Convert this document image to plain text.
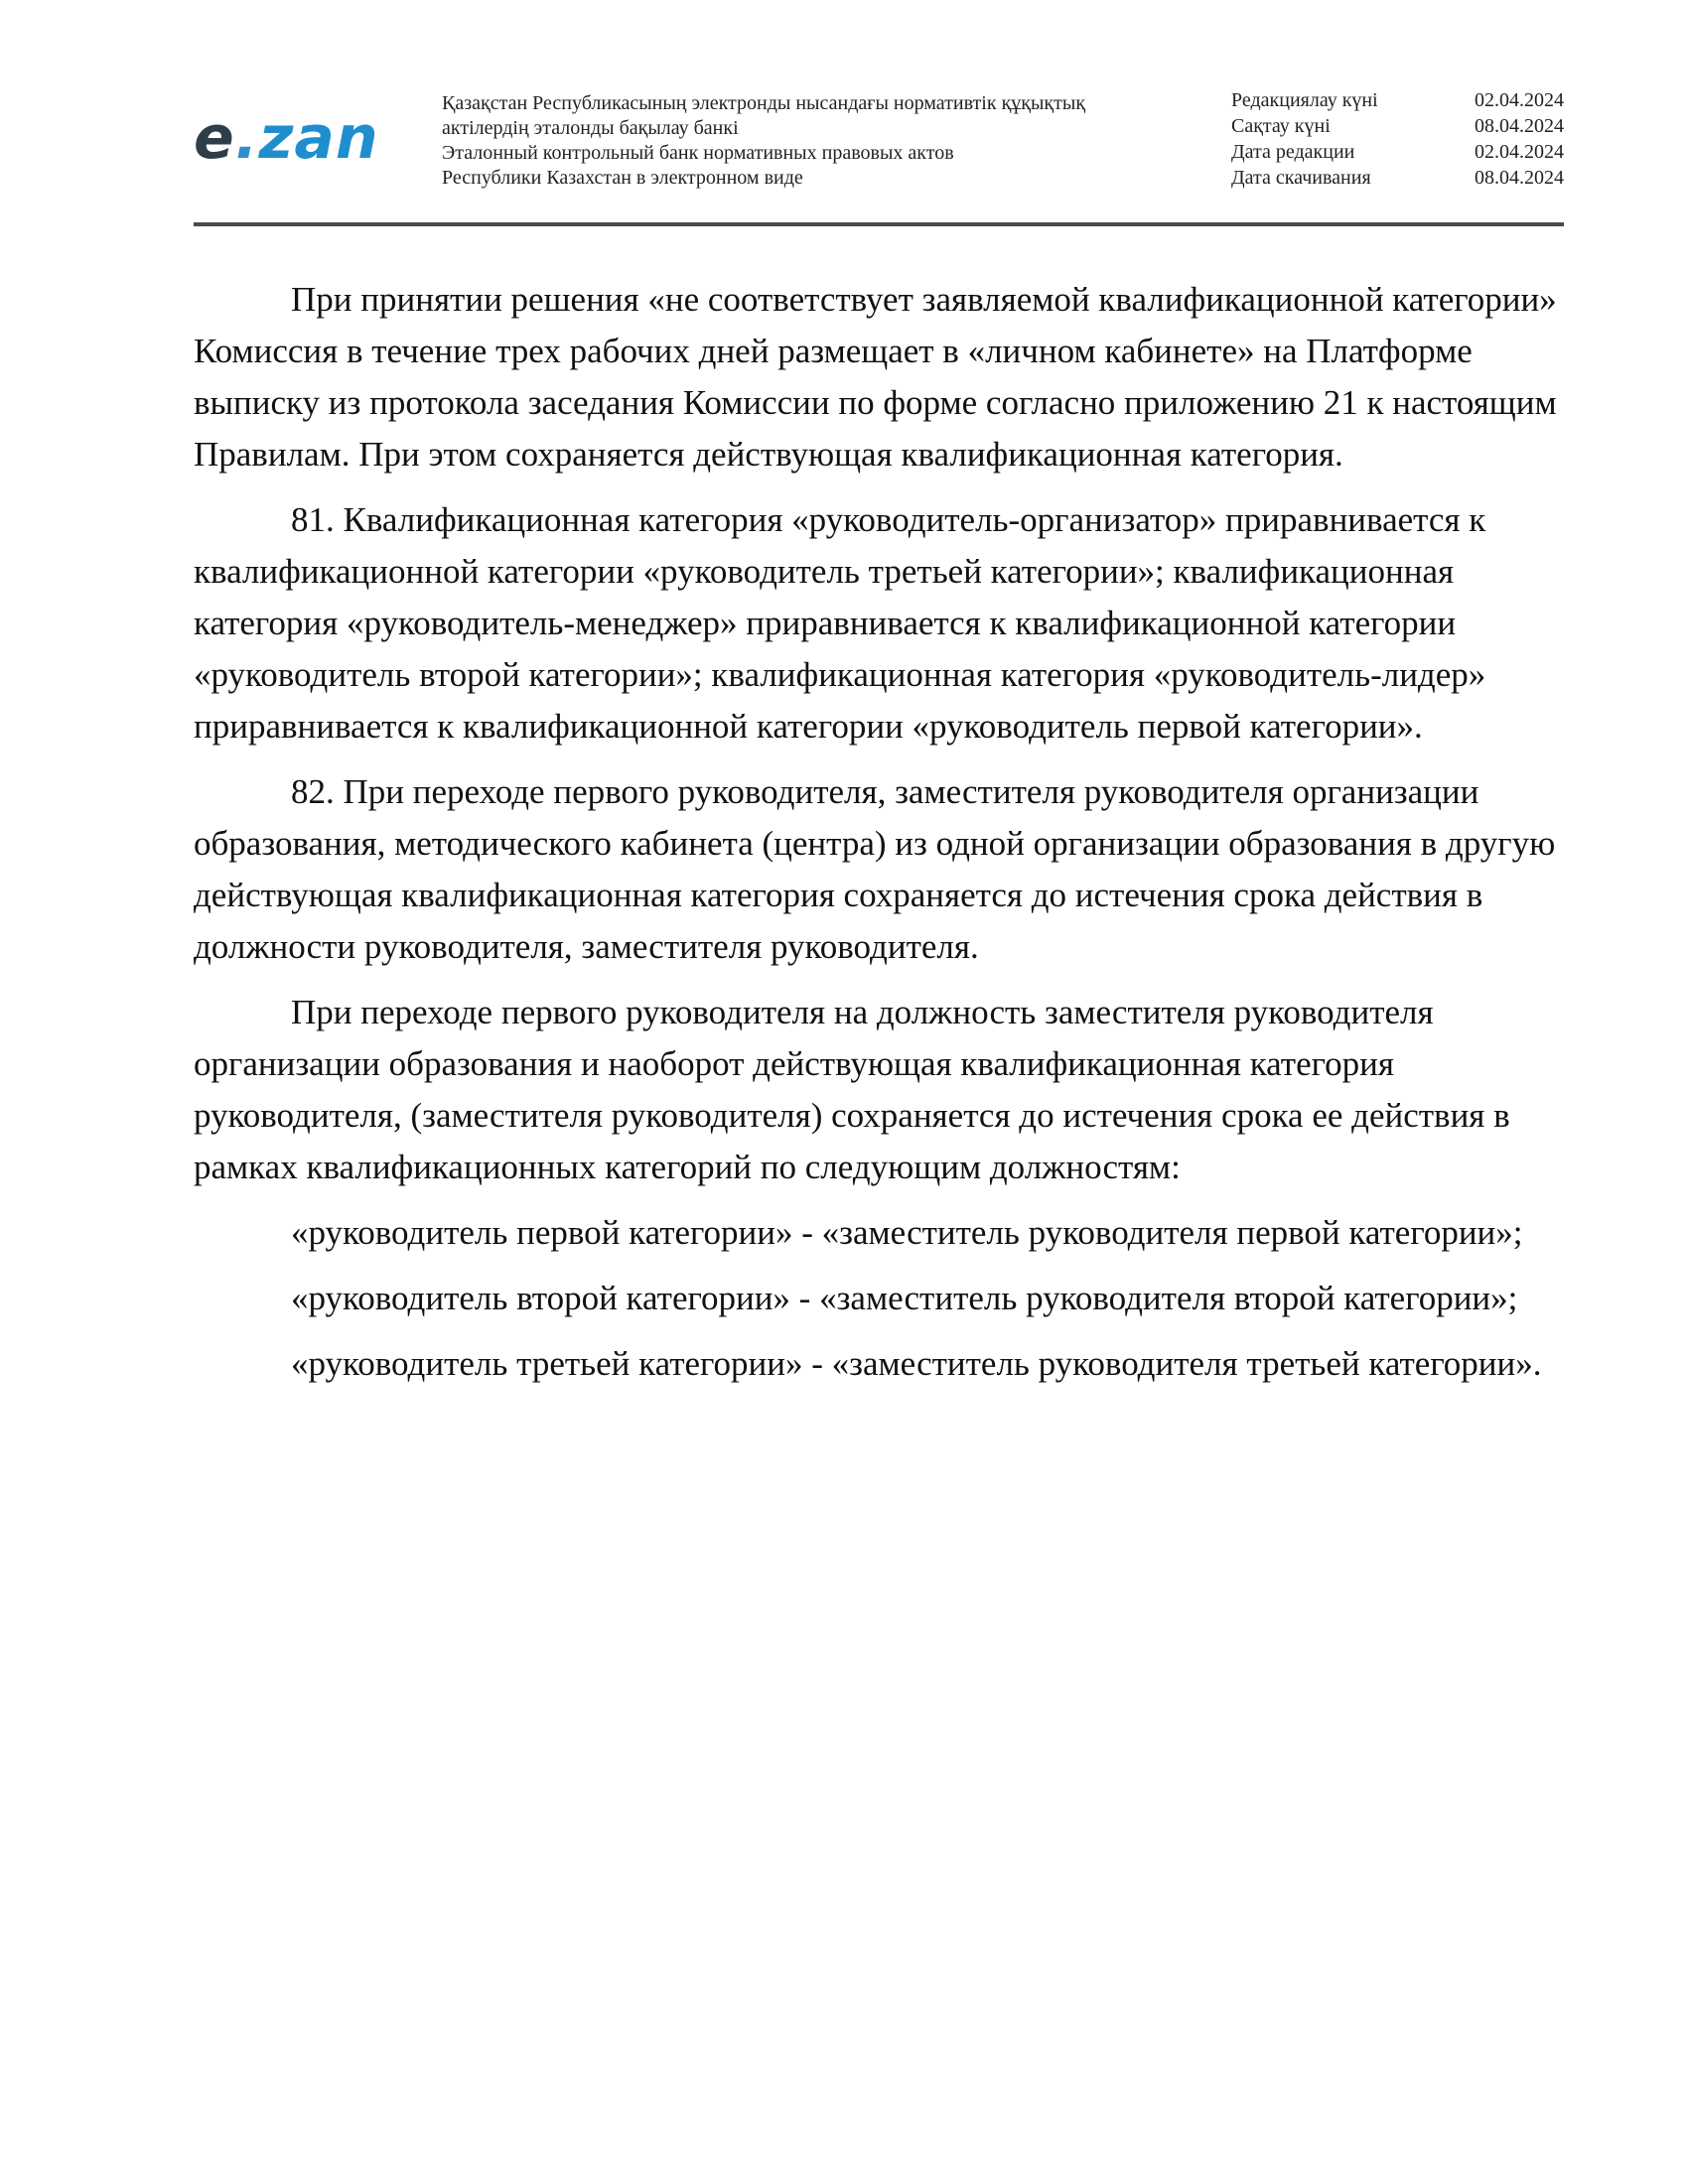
e.zan	Қазақстан Республикасының электронды нысандағы нормативтік құқықтық
актілердің эталонды бақылау банкі
Эталонный контрольный банк нормативных правовых актов
Республики Казахстан в электронном виде
Редакциялау күні	02.04.2024
Сақтау күні	08.04.2024
Дата редакции	02.04.2024
Дата скачивания	08.04.2024

При принятии решения «не соответствует заявляемой квалификационной категории» Комиссия в течение трех рабочих дней размещает в «личном кабинете» на Платформе выписку из протокола заседания Комиссии по форме согласно приложению 21 к настоящим Правилам. При этом сохраняется действующая квалификационная категория.

81. Квалификационная категория «руководитель-организатор» приравнивается к квалификационной категории «руководитель третьей категории»; квалификационная категория «руководитель-менеджер» приравнивается к квалификационной категории «руководитель второй категории»; квалификационная категория «руководитель-лидер» приравнивается к квалификационной категории «руководитель первой категории».

82. При переходе первого руководителя, заместителя руководителя организации образования, методического кабинета (центра) из одной организации образования в другую действующая квалификационная категория сохраняется до истечения срока действия в должности руководителя, заместителя руководителя.

При переходе первого руководителя на должность заместителя руководителя организации образования и наоборот действующая квалификационная категория руководителя, (заместителя руководителя) сохраняется до истечения срока ее действия в рамках квалификационных категорий по следующим должностям:

«руководитель первой категории» - «заместитель руководителя первой категории»;

«руководитель второй категории» - «заместитель руководителя второй категории»;

«руководитель третьей категории» - «заместитель руководителя третьей категории».
